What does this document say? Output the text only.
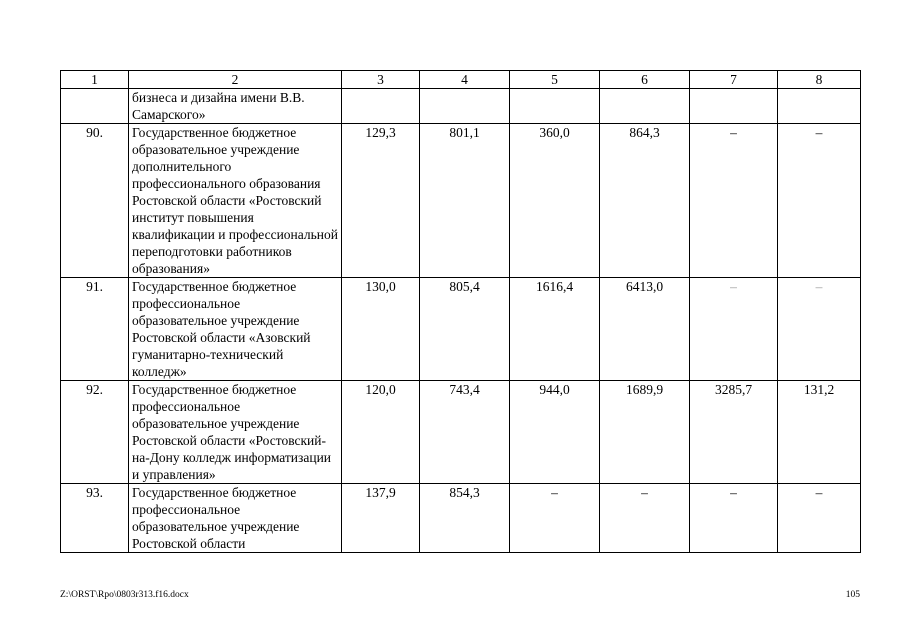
1	2	3	4	5	6	7	8
	бизнеса и дизайна имени В.В. Самарского»						
90.	Государственное бюджетное образовательное учреждение дополнительного профессионального образования Ростовской области «Ростовский институт повышения квалификации и профессиональной переподготовки работников образования»	129,3	801,1	360,0	864,3	–	–
91.	Государственное бюджетное профессиональное образовательное учреждение Ростовской области «Азовский гуманитарно-технический колледж»	130,0	805,4	1616,4	6413,0	–	–
92.	Государственное бюджетное профессиональное образовательное учреждение Ростовской области «Ростовский-на-Дону колледж информатизации и управления»	120,0	743,4	944,0	1689,9	3285,7	131,2
93.	Государственное бюджетное профессиональное образовательное учреждение Ростовской области	137,9	854,3	–	–	–	–
Z:\ORST\Rpo\0803r313.f16.docx	105
